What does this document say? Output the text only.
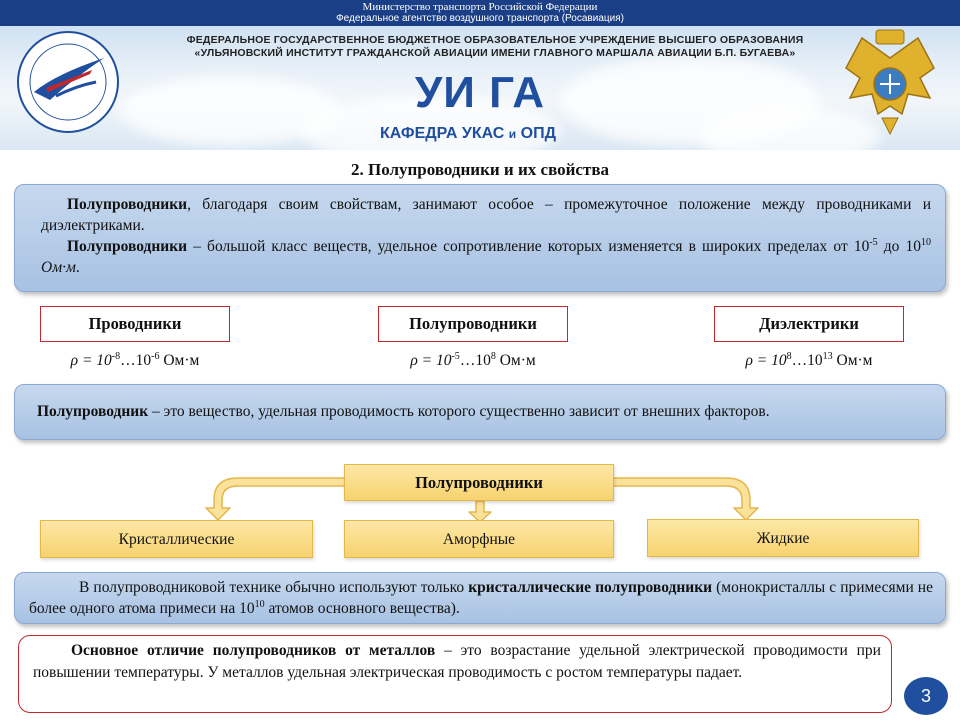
Министерство транспорта Российской Федерации
Федеральное агентство воздушного транспорта (Росавиация)
ФЕДЕРАЛЬНОЕ ГОСУДАРСТВЕННОЕ БЮДЖЕТНОЕ ОБРАЗОВАТЕЛЬНОЕ УЧРЕЖДЕНИЕ ВЫСШЕГО ОБРАЗОВАНИЯ
«УЛЬЯНОВСКИЙ ИНСТИТУТ ГРАЖДАНСКОЙ АВИАЦИИ ИМЕНИ ГЛАВНОГО МАРШАЛА АВИАЦИИ Б.П. БУГАЕВА»
УИ ГА
КАФЕДРА УКАС и ОПД
2. Полупроводники и их свойства

Полупроводники, благодаря своим свойствам, занимают особое – промежуточное положение между проводниками и диэлектриками.

Полупроводники – большой класс веществ, удельное сопротивление которых изменяется в широких пределах от $10^{-5}$ до $10^{10}$ Ом·м.

Проводники	Полупроводники	Диэлектрики
$\rho = 10^{-8}\dots 10^{-6}$ Ом·м	$\rho = 10^{-5}\dots 10^8$ Ом·м	$\rho = 10^8\dots 10^{13}$ Ом·м
Полупроводник – это вещество, удельная проводимость которого существенно зависит от внешних факторов.
Полупроводники
Кристаллические	Аморфные	Жидкие

В полупроводниковой технике обычно используют только кристаллические полупроводники (монокристаллы с примесями не более одного атома примеси на $10^{10}$ атомов основного вещества).

Основное отличие полупроводников от металлов – это возрастание удельной электрической проводимости при повышении температуры. У металлов удельная электрическая проводимость с ростом температуры падает.

3
